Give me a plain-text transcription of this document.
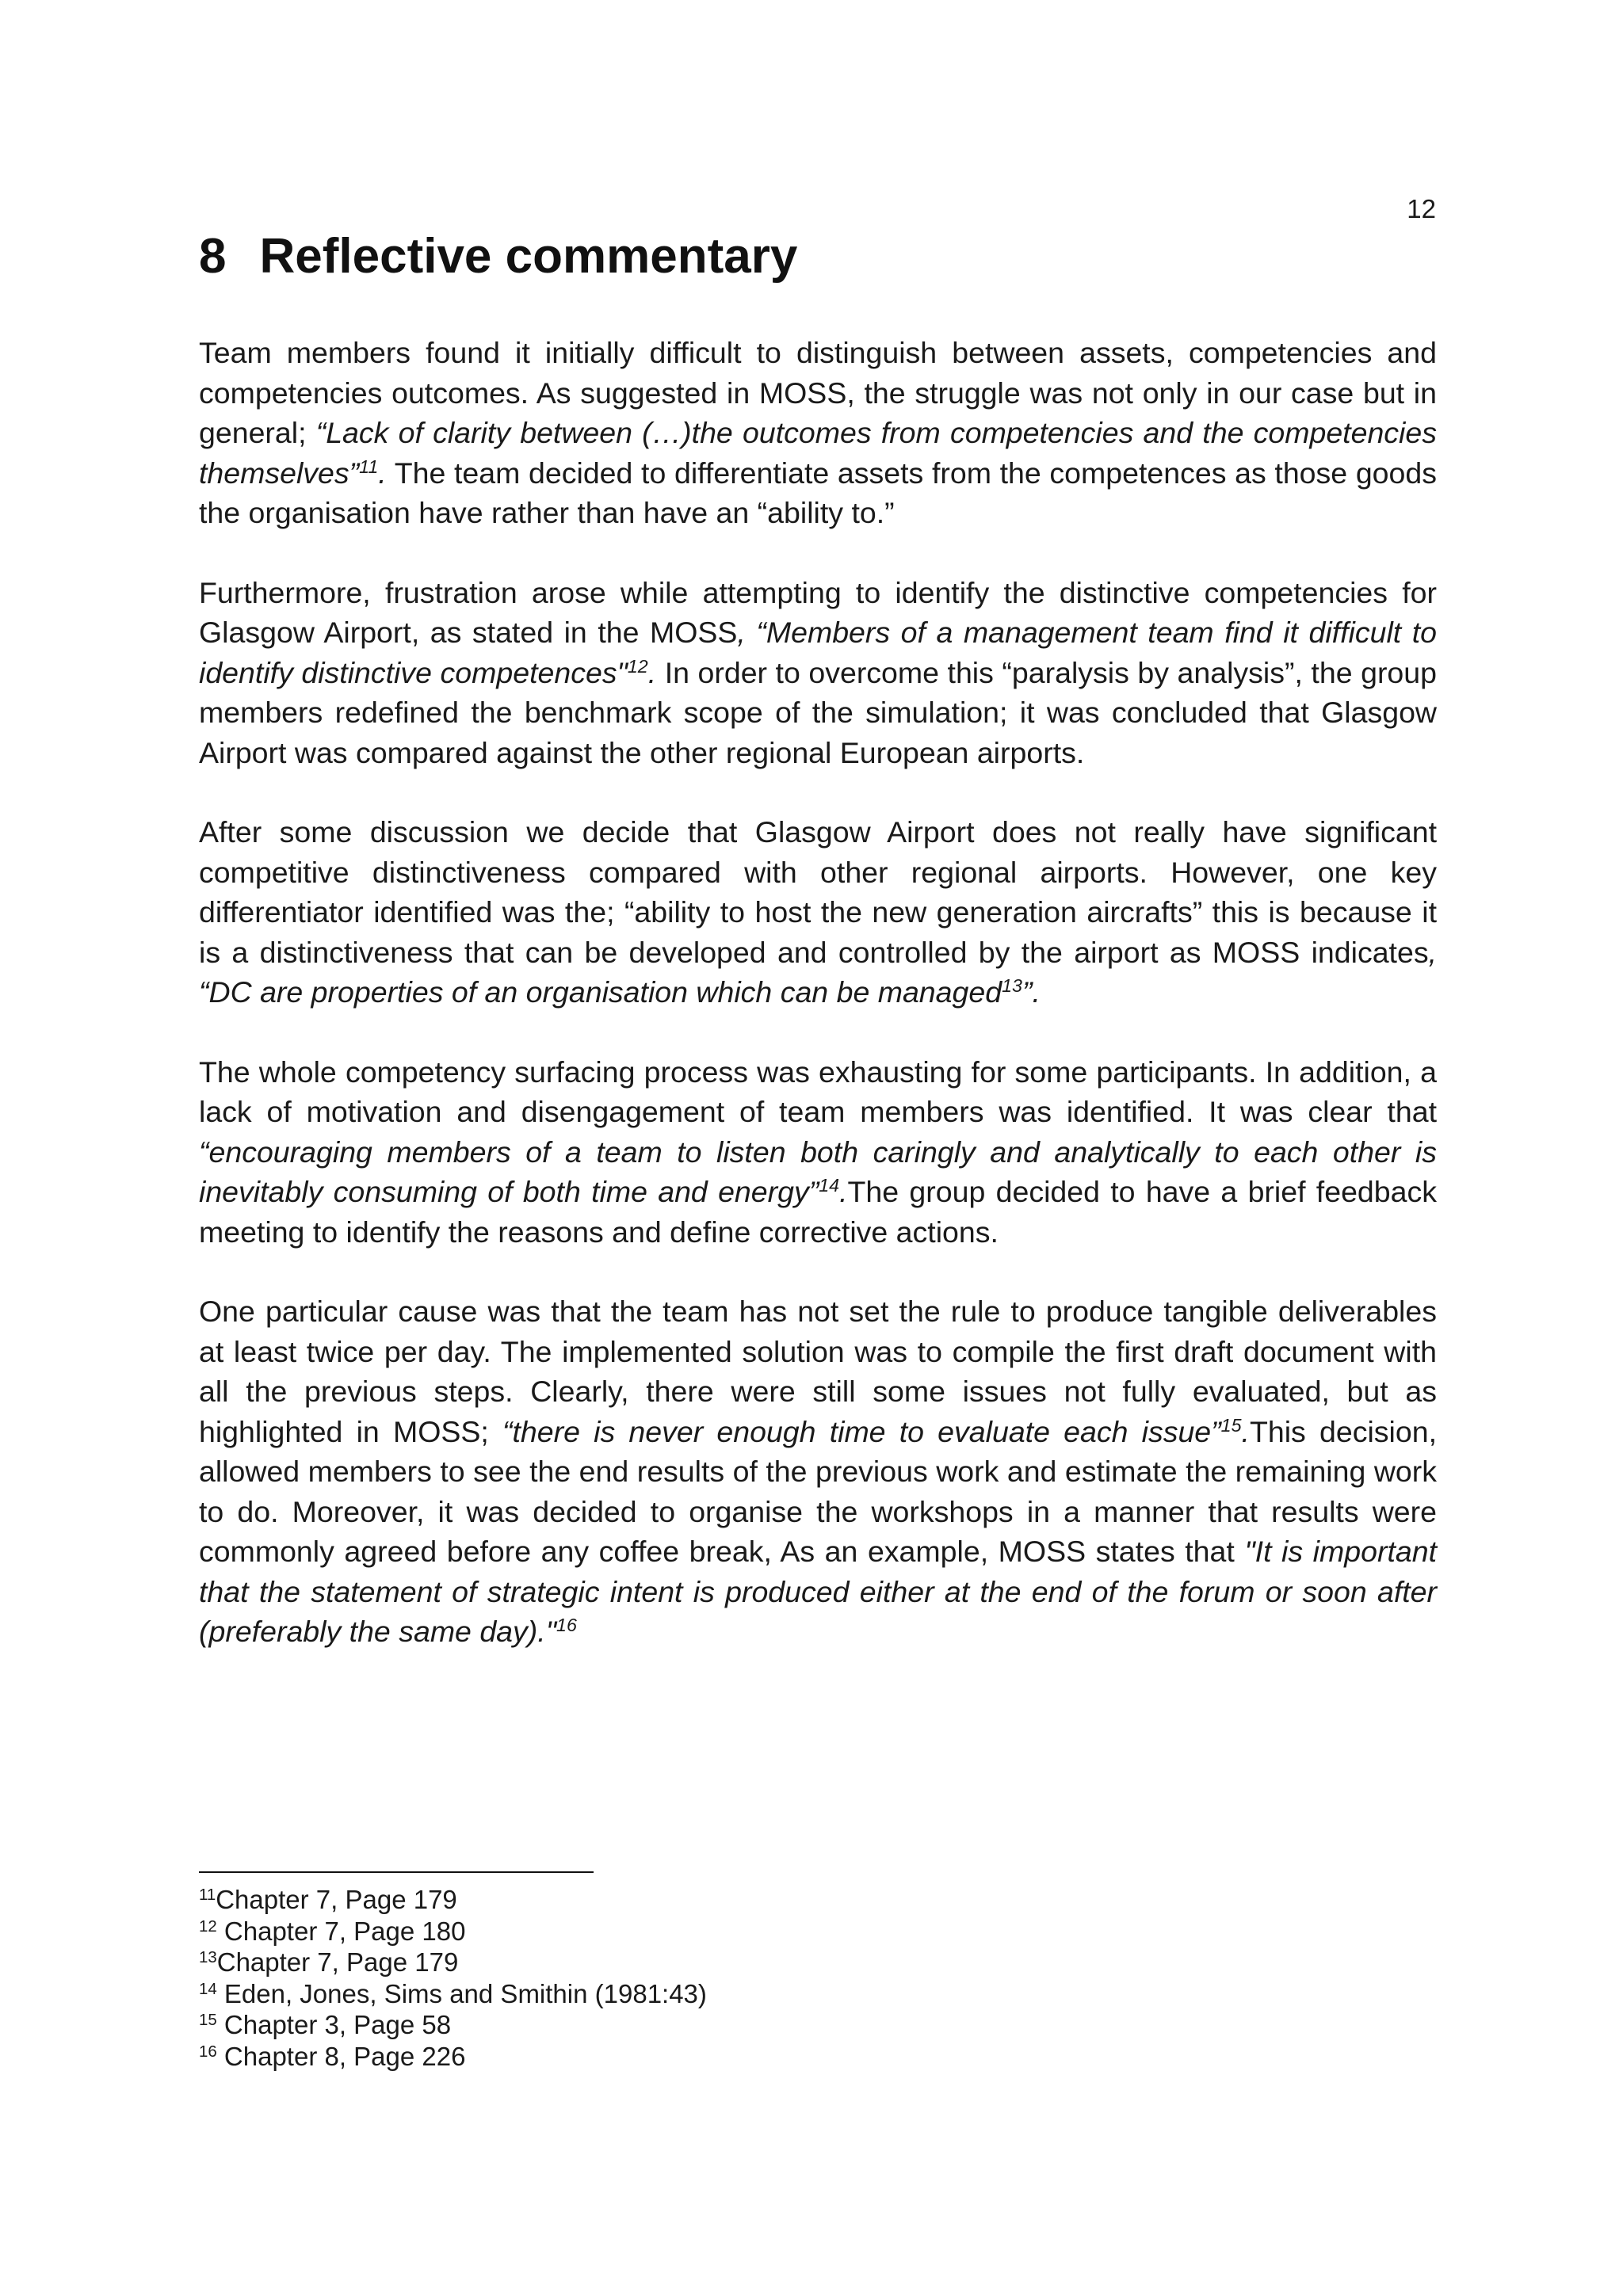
12
8 Reflective commentary

Team members found it initially difficult to distinguish between assets, competencies and competencies outcomes. As suggested in MOSS, the struggle was not only in our case but in general; “Lack of clarity between (…)the outcomes from competencies and the competencies themselves”$^{11}$. The team decided to differentiate assets from the competences as those goods the organisation have rather than have an “ability to.”

Furthermore, frustration arose while attempting to identify the distinctive competencies for Glasgow Airport, as stated in the MOSS, “Members of a management team find it difficult to identify distinctive competences"$^{12}$. In order to overcome this “paralysis by analysis”, the group members redefined the benchmark scope of the simulation; it was concluded that Glasgow Airport was compared against the other regional European airports.

After some discussion we decide that Glasgow Airport does not really have significant competitive distinctiveness compared with other regional airports. However, one key differentiator identified was the; “ability to host the new generation aircrafts” this is because it is a distinctiveness that can be developed and controlled by the airport as MOSS indicates, “DC are properties of an organisation which can be managed$^{13}$”.

The whole competency surfacing process was exhausting for some participants. In addition, a lack of motivation and disengagement of team members was identified. It was clear that “encouraging members of a team to listen both caringly and analytically to each other is inevitably consuming of both time and energy”$^{14}$.The group decided to have a brief feedback meeting to identify the reasons and define corrective actions.

One particular cause was that the team has not set the rule to produce tangible deliverables at least twice per day. The implemented solution was to compile the first draft document with all the previous steps. Clearly, there were still some issues not fully evaluated, but as highlighted in MOSS; “there is never enough time to evaluate each issue”$^{15}$.This decision, allowed members to see the end results of the previous work and estimate the remaining work to do. Moreover, it was decided to organise the workshops in a manner that results were commonly agreed before any coffee break, As an example, MOSS states that "It is important that the statement of strategic intent is produced either at the end of the forum or soon after (preferably the same day)."$^{16}$

$^{11}$Chapter 7, Page 179
$^{12}$ Chapter 7, Page 180
$^{13}$Chapter 7, Page 179
$^{14}$ Eden, Jones, Sims and Smithin (1981:43)
$^{15}$ Chapter 3, Page 58
$^{16}$ Chapter 8, Page 226
